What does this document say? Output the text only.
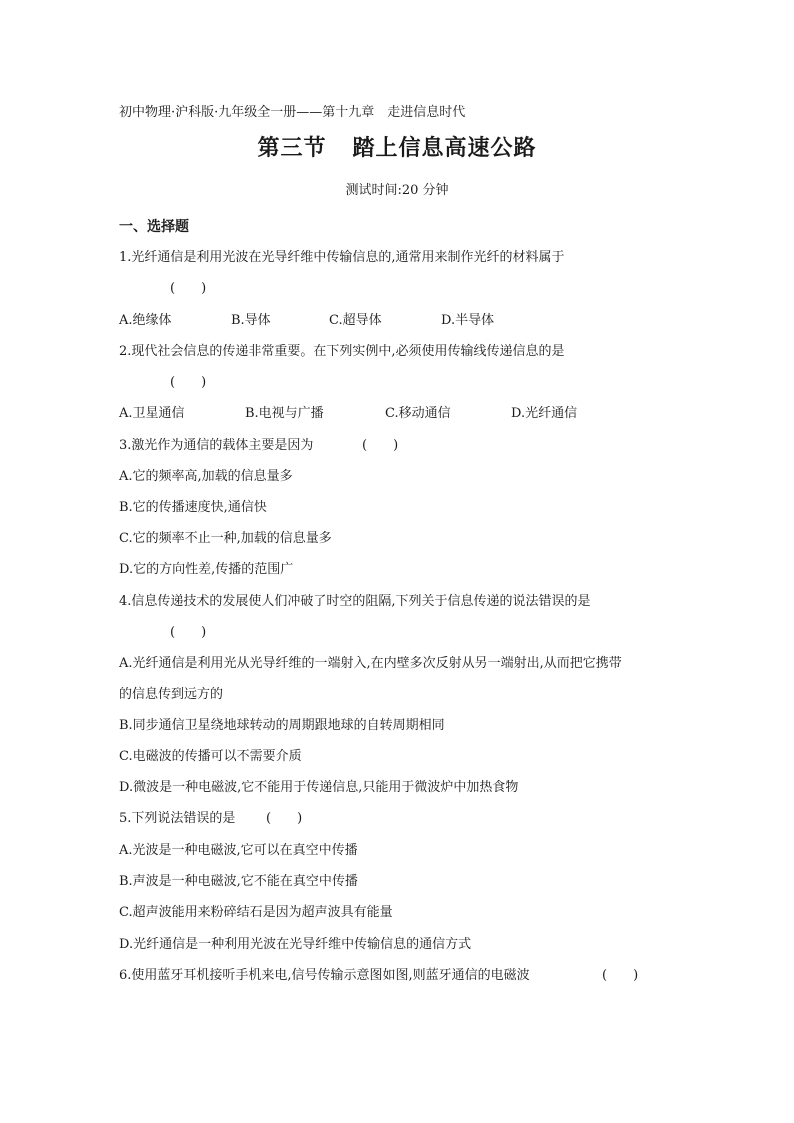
初中物理·沪科版·九年级全一册——第十九章　走进信息时代
第三节 踏上信息高速公路
测试时间:20 分钟
一、选择题
1.光纤通信是利用光波在光导纤维中传输信息的,通常用来制作光纤的材料属于
(　　)
A.绝缘体	B.导体	C.超导体	D.半导体
2.现代社会信息的传递非常重要。在下列实例中,必须使用传输线传递信息的是
(　　)
A.卫星通信	B.电视与广播	C.移动通信	D.光纤通信
3.激光作为通信的载体主要是因为	(　　)
A.它的频率高,加载的信息量多
B.它的传播速度快,通信快
C.它的频率不止一种,加载的信息量多
D.它的方向性差,传播的范围广
4.信息传递技术的发展使人们冲破了时空的阻隔,下列关于信息传递的说法错误的是
(　　)
A.光纤通信是利用光从光导纤维的一端射入,在内壁多次反射从另一端射出,从而把它携带
的信息传到远方的
B.同步通信卫星绕地球转动的周期跟地球的自转周期相同
C.电磁波的传播可以不需要介质
D.微波是一种电磁波,它不能用于传递信息,只能用于微波炉中加热食物
5.下列说法错误的是 (　　)
A.光波是一种电磁波,它可以在真空中传播
B.声波是一种电磁波,它不能在真空中传播
C.超声波能用来粉碎结石是因为超声波具有能量
D.光纤通信是一种利用光波在光导纤维中传输信息的通信方式
6.使用蓝牙耳机接听手机来电,信号传输示意图如图,则蓝牙通信的电磁波	(　　)
